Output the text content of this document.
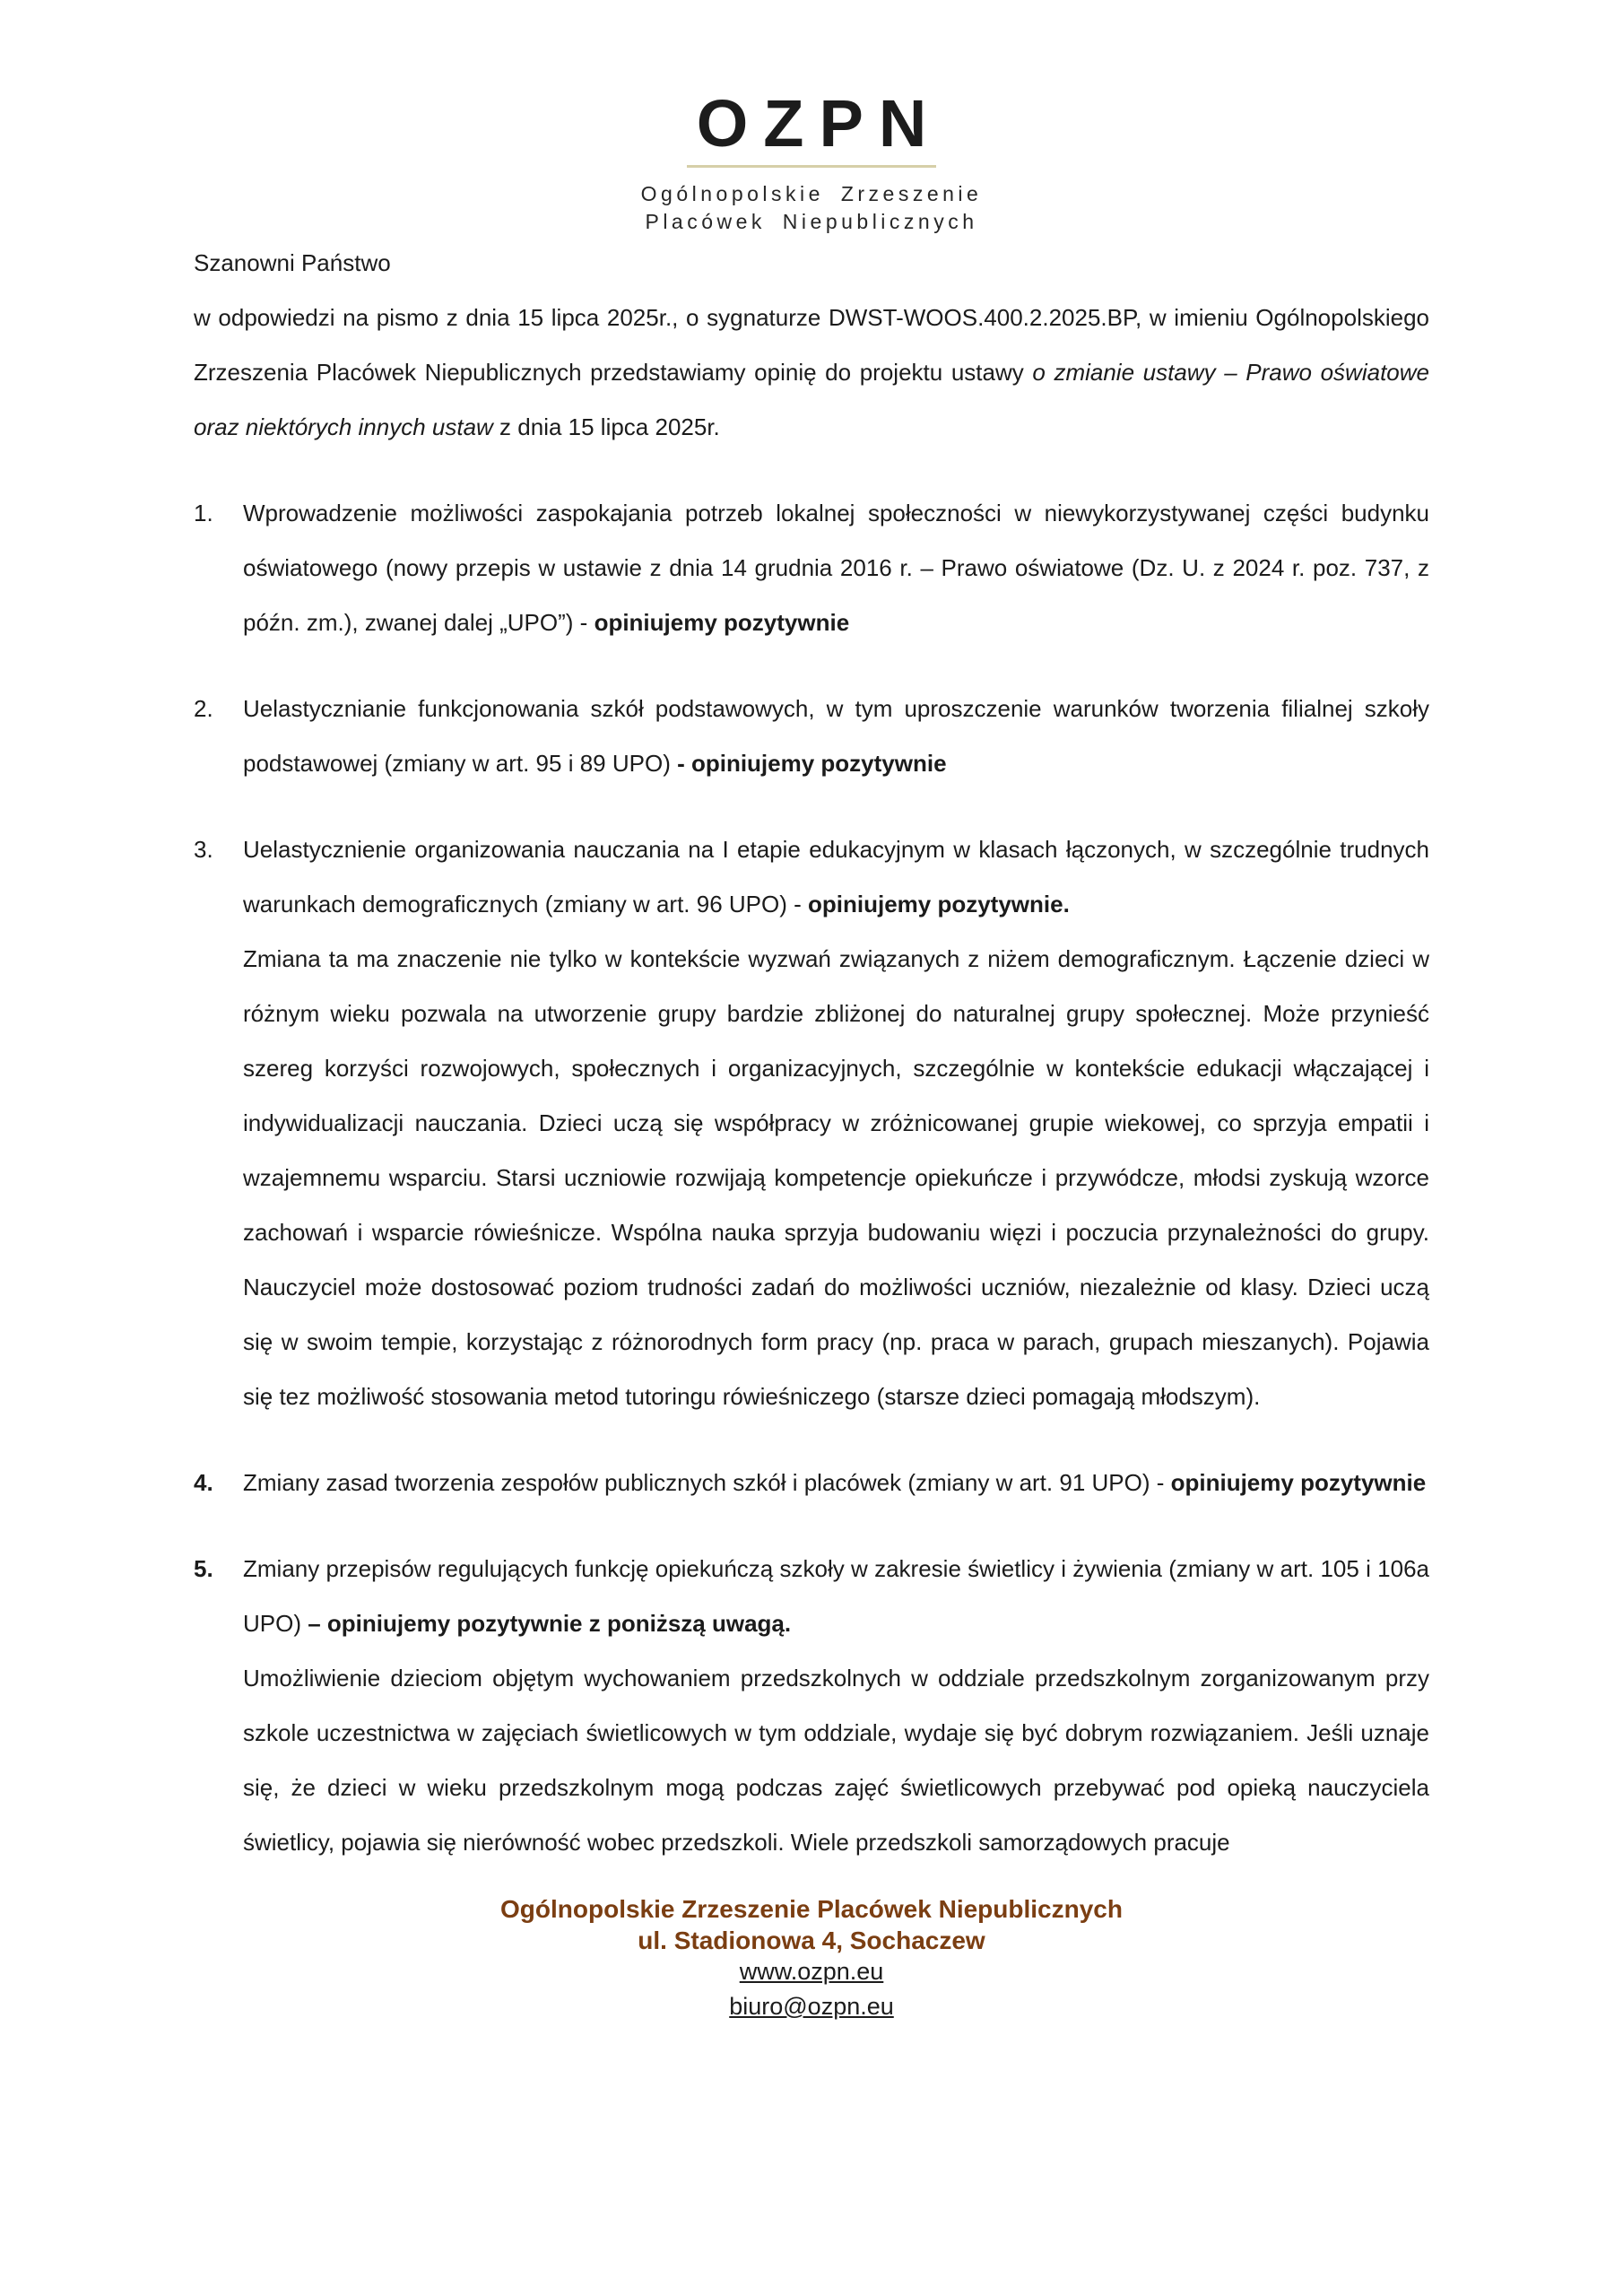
OZPN
Ogólnopolskie Zrzeszenie
Placówek Niepublicznych

Szanowni Państwo

w odpowiedzi na pismo z dnia 15 lipca 2025r., o sygnaturze DWST-WOOS.400.2.2025.BP, w imieniu Ogólnopolskiego Zrzeszenia Placówek Niepublicznych przedstawiamy opinię do projektu ustawy o zmianie ustawy – Prawo oświatowe oraz niektórych innych ustaw z dnia 15 lipca 2025r.

1.	Wprowadzenie możliwości zaspokajania potrzeb lokalnej społeczności w niewykorzystywanej części budynku oświatowego (nowy przepis w ustawie z dnia 14 grudnia 2016 r. – Prawo oświatowe (Dz. U. z 2024 r. poz. 737, z późn. zm.), zwanej dalej „UPO”) - opiniujemy pozytywnie
2.	Uelastycznianie funkcjonowania szkół podstawowych, w tym uproszczenie warunków tworzenia filialnej szkoły podstawowej (zmiany w art. 95 i 89 UPO) - opiniujemy pozytywnie
3.	Uelastycznienie organizowania nauczania na I etapie edukacyjnym w klasach łączonych, w szczególnie trudnych warunkach demograficznych (zmiany w art. 96 UPO) - opiniujemy pozytywnie.
Zmiana ta ma znaczenie nie tylko w kontekście wyzwań związanych z niżem demograficznym. Łączenie dzieci w różnym wieku pozwala na utworzenie grupy bardzie zbliżonej do naturalnej grupy społecznej. Może przynieść szereg korzyści rozwojowych, społecznych i organizacyjnych, szczególnie w kontekście edukacji włączającej i indywidualizacji nauczania. Dzieci uczą się współpracy w zróżnicowanej grupie wiekowej, co sprzyja empatii i wzajemnemu wsparciu. Starsi uczniowie rozwijają kompetencje opiekuńcze i przywódcze, młodsi zyskują wzorce zachowań i wsparcie rówieśnicze. Wspólna nauka sprzyja budowaniu więzi i poczucia przynależności do grupy. Nauczyciel może dostosować poziom trudności zadań do możliwości uczniów, niezależnie od klasy. Dzieci uczą się w swoim tempie, korzystając z różnorodnych form pracy (np. praca w parach, grupach mieszanych). Pojawia się tez możliwość stosowania metod tutoringu rówieśniczego (starsze dzieci pomagają młodszym).
4.	Zmiany zasad tworzenia zespołów publicznych szkół i placówek (zmiany w art. 91 UPO) - opiniujemy pozytywnie
5.	Zmiany przepisów regulujących funkcję opiekuńczą szkoły w zakresie świetlicy i żywienia (zmiany w art. 105 i 106a UPO) – opiniujemy pozytywnie z poniższą uwagą.
Umożliwienie dzieciom objętym wychowaniem przedszkolnych w oddziale przedszkolnym zorganizowanym przy szkole uczestnictwa w zajęciach świetlicowych w tym oddziale, wydaje się być dobrym rozwiązaniem. Jeśli uznaje się, że dzieci w wieku przedszkolnym mogą podczas zajęć świetlicowych przebywać pod opieką nauczyciela świetlicy, pojawia się nierówność wobec przedszkoli. Wiele przedszkoli samorządowych pracuje
Ogólnopolskie Zrzeszenie Placówek Niepublicznych
ul. Stadionowa 4, Sochaczew
www.ozpn.eu
biuro@ozpn.eu
